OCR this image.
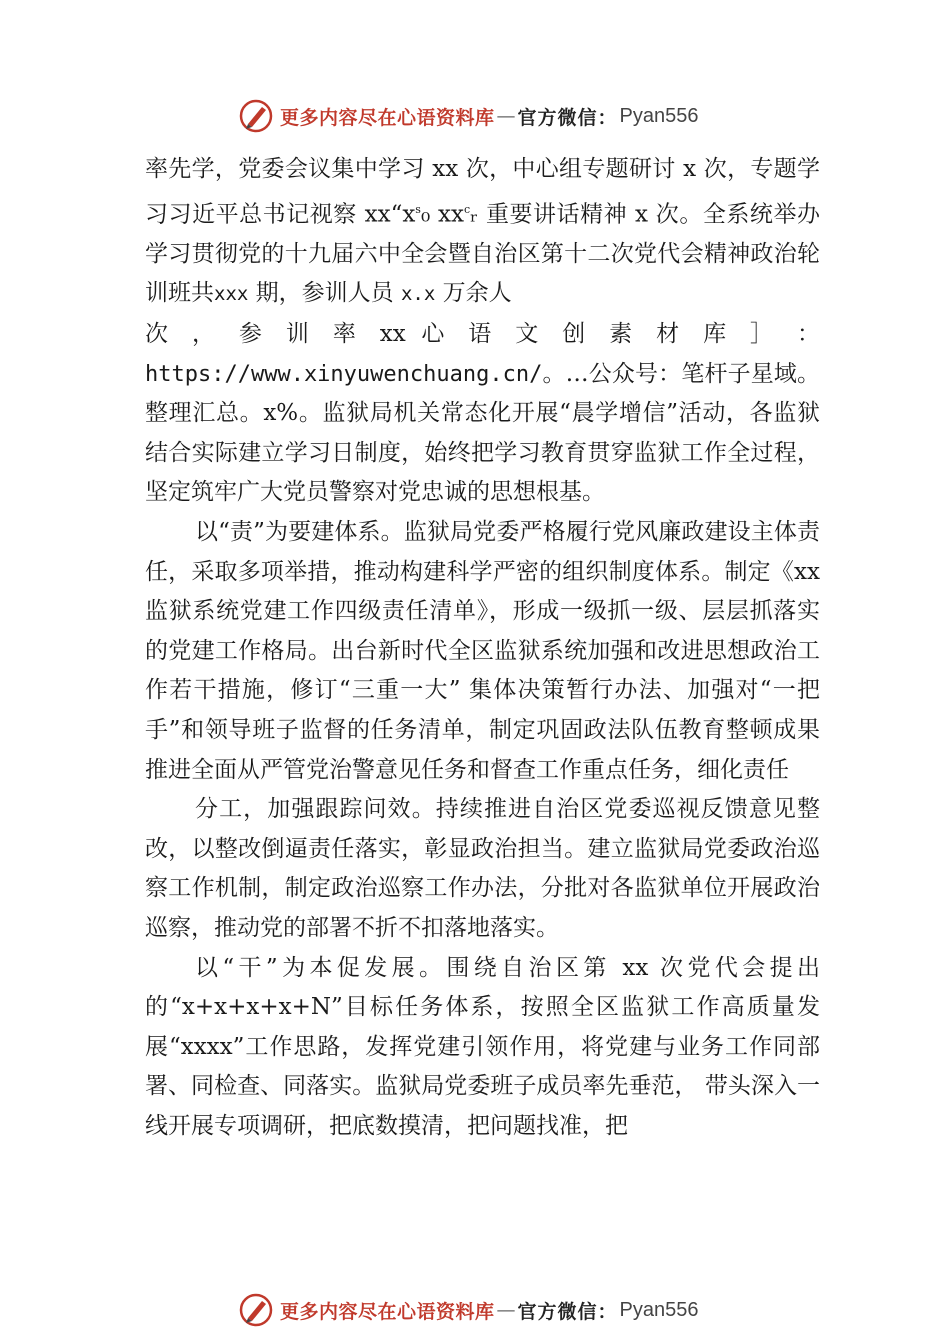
更多内容尽在心语资料库 — 官方微信： Pyan556
率先学，党委会议集中学习 xx 次，中心组专题研讨 x 次，专题学习习近平总书记视察 $xx“x^s_0$ $xx^cᵣ$ 重要讲话精神 x 次。全系统举办学习贯彻党的十九届六中全会暨自治区第十二次党代会精神政治轮训班共xxx 期，参训人员 x.x 万余人
次 ， 参 训 率 xx 心 语 文 创 素 材 库 ］ ：
https://www.xinyuwenchuang.cn/。…公众号：笔杆子星域。整理汇总。x%。监狱局机关常态化开展“晨学增信”活动，各监狱结合实际建立学习日制度，始终把学习教育贯穿监狱工作全过程，坚定筑牢广大党员警察对党忠诚的思想根基。
以“责”为要建体系。监狱局党委严格履行党风廉政建设主体责任，采取多项举措，推动构建科学严密的组织制度体系。制定《xx 监狱系统党建工作四级责任清单》，形成一级抓一级、层层抓落实的党建工作格局。出台新时代全区监狱系统加强和改进思想政治工作若干措施，修订“三重一大” 集体决策暂行办法、加强对“一把手”和领导班子监督的任务清单，制定巩固政法队伍教育整顿成果推进全面从严管党治警意见任务和督查工作重点任务，细化责任
分工，加强跟踪问效。持续推进自治区党委巡视反馈意见整改，以整改倒逼责任落实，彰显政治担当。建立监狱局党委政治巡察工作机制，制定政治巡察工作办法，分批对各监狱单位开展政治巡察，推动党的部署不折不扣落地落实。
以“干”为本促发展。围绕自治区第 xx 次党代会提出的“x+x+x+x+N”目标任务体系，按照全区监狱工作高质量发展“xxxx”工作思路，发挥党建引领作用，将党建与业务工作同部署、同检查、同落实。监狱局党委班子成员率先垂范， 带头深入一线开展专项调研，把底数摸清，把问题找准，把
更多内容尽在心语资料库 — 官方微信： Pyan556
